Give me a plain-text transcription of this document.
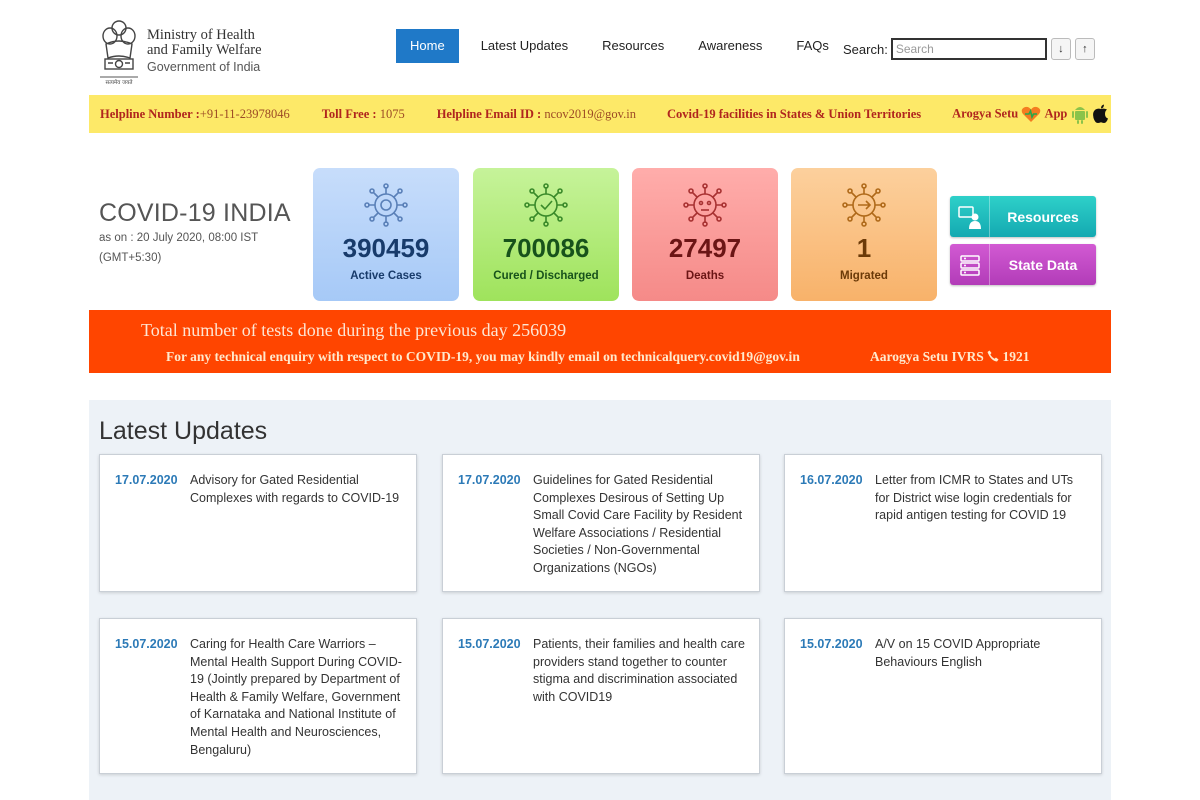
सत्यमेव जयते
Ministry of Health
and Family Welfare
Government of India
Home	Latest Updates	Resources	Awareness	FAQs	Search:
Search	↓	↑
Helpline Number :+91-11-23978046	Toll Free : 1075	Helpline Email ID : ncov2019@gov.in Covid-19 facilities in States & Union Territories Arogya Setu App
COVID-19 INDIA
as on : 20 July 2020, 08:00 IST
(GMT+5:30)	390459
Active Cases
700086
Cured / Discharged
27497
Deaths
1
Migrated
Resources
State Data
Total number of tests done during the previous day 256039
For any technical enquiry with respect to COVID-19, you may kindly email on technicalquery.covid19@gov.in	Aarogya Setu IVRS 1921
Latest Updates
17.07.2020 Advisory for Gated Residential Complexes with regards to COVID-19
17.07.2020 Guidelines for Gated Residential Complexes Desirous of Setting Up Small Covid Care Facility by Resident Welfare Associations / Residential Societies / Non-Governmental Organizations (NGOs)
16.07.2020 Letter from ICMR to States and UTs for District wise login credentials for rapid antigen testing for COVID 19
15.07.2020 Caring for Health Care Warriors – Mental Health Support During COVID-19 (Jointly prepared by Department of Health & Family Welfare, Government of Karnataka and National Institute of Mental Health and Neurosciences, Bengaluru)
15.07.2020 Patients, their families and health care providers stand together to counter stigma and discrimination associated with COVID19
15.07.2020 A/V on 15 COVID Appropriate Behaviours English
